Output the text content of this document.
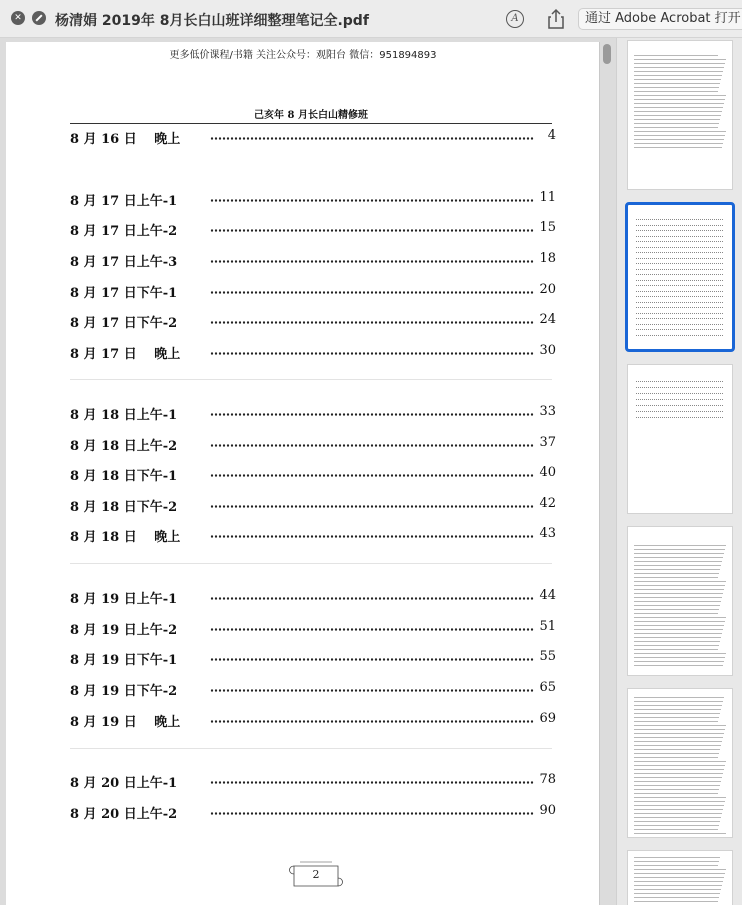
✕ 杨清娟 2019年 8月长白山班详细整理笔记全.pdf	A	通过 Adobe Acrobat 打开
更多低价课程/书籍 关注公众号：观阳台 微信：951894893
己亥年 8 月长白山精修班
8 月 16 日　 晚上	4
8 月 17 日上午-1	11
8 月 17 日上午-2	15
8 月 17 日上午-3	18
8 月 17 日下午-1	20
8 月 17 日下午-2	24
8 月 17 日　 晚上	30
8 月 18 日上午-1	33
8 月 18 日上午-2	37
8 月 18 日下午-1	40
8 月 18 日下午-2	42
8 月 18 日　 晚上	43
8 月 19 日上午-1	44
8 月 19 日上午-2	51
8 月 19 日下午-1	55
8 月 19 日下午-2	65
8 月 19 日　 晚上	69
8 月 20 日上午-1	78
8 月 20 日上午-2	90
2
